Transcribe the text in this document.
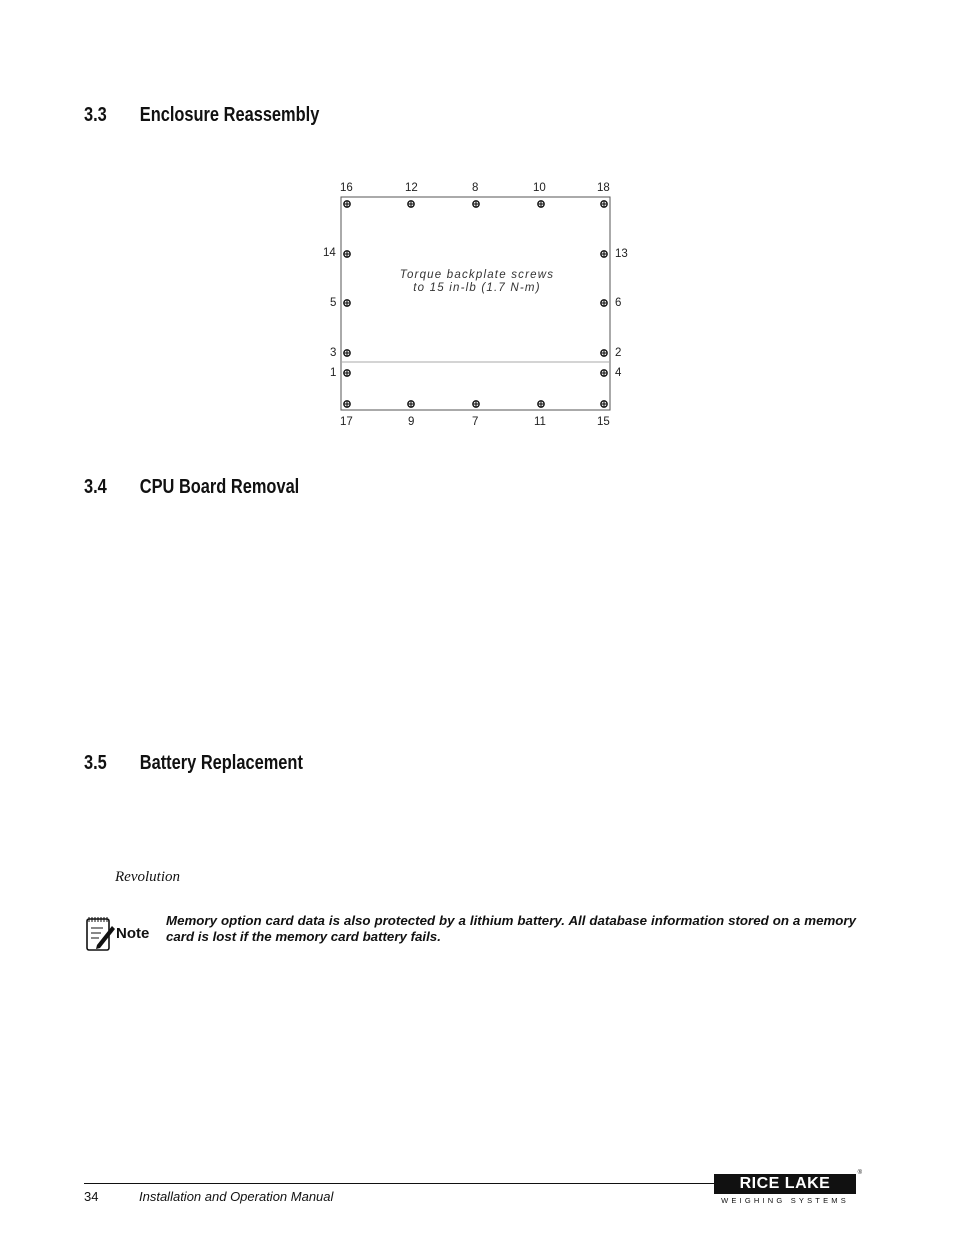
3.3 Enclosure Reassembly
16	12	8	10	18
17	9	7	11	15
14
5
3
1
13
6
2
4
Torque backplate screws
to 15 in-lb (1.7 N-m)
3.4 CPU Board Removal
3.5 Battery Replacement
Revolution
Note
Memory option card data is also protected by a lithium battery. All database information stored on a memory card is lost if the memory card battery fails.
34	Installation and Operation Manual
RICE LAKE
®
WEIGHING SYSTEMS
